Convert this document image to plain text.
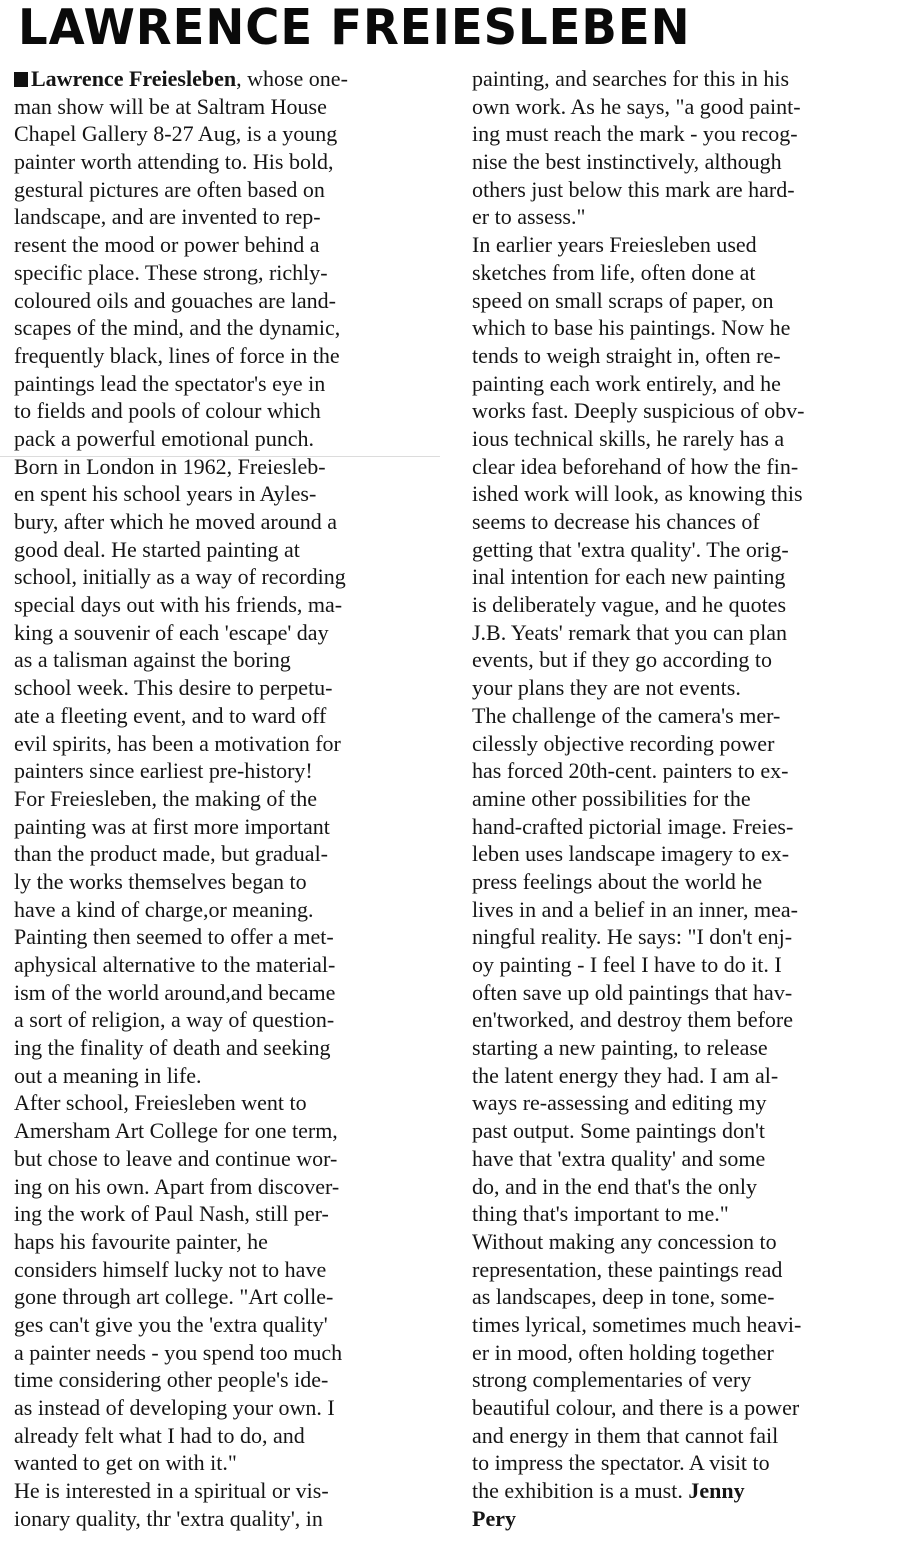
LAWRENCE FREIESLEBEN
Lawrence Freiesleben, whose one-
man show will be at Saltram House
Chapel Gallery 8-27 Aug, is a young
painter worth attending to. His bold,
gestural pictures are often based on
landscape, and are invented to rep-
resent the mood or power behind a
specific place. These strong, richly-
coloured oils and gouaches are land-
scapes of the mind, and the dynamic,
frequently black, lines of force in the
paintings lead the spectator's eye in
to fields and pools of colour which
pack a powerful emotional punch.
Born in London in 1962, Freiesleb-
en spent his school years in Ayles-
bury, after which he moved around a
good deal. He started painting at
school, initially as a way of recording
special days out with his friends, ma-
king a souvenir of each 'escape' day
as a talisman against the boring
school week. This desire to perpetu-
ate a fleeting event, and to ward off
evil spirits, has been a motivation for
painters since earliest pre-history!
For Freiesleben, the making of the
painting was at first more important
than the product made, but gradual-
ly the works themselves began to
have a kind of charge,or meaning.
Painting then seemed to offer a met-
aphysical alternative to the material-
ism of the world around,and became
a sort of religion, a way of question-
ing the finality of death and seeking
out a meaning in life.
After school, Freiesleben went to
Amersham Art College for one term,
but chose to leave and continue wor-
ing on his own. Apart from discover-
ing the work of Paul Nash, still per-
haps his favourite painter, he
considers himself lucky not to have
gone through art college. "Art colle-
ges can't give you the 'extra quality'
a painter needs - you spend too much
time considering other people's ide-
as instead of developing your own. I
already felt what I had to do, and
wanted to get on with it."
He is interested in a spiritual or vis-
ionary quality, thr 'extra quality', in
painting, and searches for this in his
own work. As he says, "a good paint-
ing must reach the mark - you recog-
nise the best instinctively, although
others just below this mark are hard-
er to assess."
In earlier years Freiesleben used
sketches from life, often done at
speed on small scraps of paper, on
which to base his paintings. Now he
tends to weigh straight in, often re-
painting each work entirely, and he
works fast. Deeply suspicious of obv-
ious technical skills, he rarely has a
clear idea beforehand of how the fin-
ished work will look, as knowing this
seems to decrease his chances of
getting that 'extra quality'. The orig-
inal intention for each new painting
is deliberately vague, and he quotes
J.B. Yeats' remark that you can plan
events, but if they go according to
your plans they are not events.
The challenge of the camera's mer-
cilessly objective recording power
has forced 20th-cent. painters to ex-
amine other possibilities for the
hand-crafted pictorial image. Freies-
leben uses landscape imagery to ex-
press feelings about the world he
lives in and a belief in an inner, mea-
ningful reality. He says: "I don't enj-
oy painting - I feel I have to do it. I
often save up old paintings that hav-
en'tworked, and destroy them before
starting a new painting, to release
the latent energy they had. I am al-
ways re-assessing and editing my
past output. Some paintings don't
have that 'extra quality' and some
do, and in the end that's the only
thing that's important to me."
Without making any concession to
representation, these paintings read
as landscapes, deep in tone, some-
times lyrical, sometimes much heavi-
er in mood, often holding together
strong complementaries of very
beautiful colour, and there is a power
and energy in them that cannot fail
to impress the spectator. A visit to
the exhibition is a must. Jenny
Pery
